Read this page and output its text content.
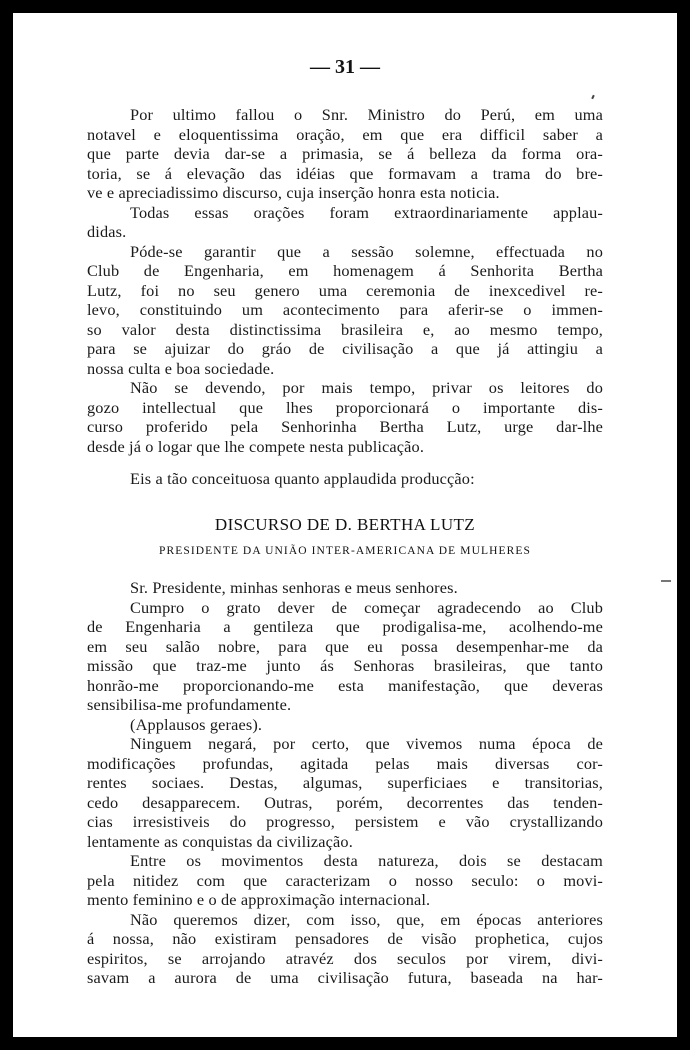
— 31 —
Por ultimo fallou o Snr. Ministro do Perú, em uma
notavel e eloquentissima oração, em que era difficil saber a
que parte devia dar-se a primasia, se á belleza da forma ora-
toria, se á elevação das idéias que formavam a trama do bre-
ve e apreciadissimo discurso, cuja inserção honra esta noticia.
Todas essas orações foram extraordinariamente applau-
didas.
Póde-se garantir que a sessão solemne, effectuada no
Club de Engenharia, em homenagem á Senhorita Bertha
Lutz, foi no seu genero uma ceremonia de inexcedivel re-
levo, constituindo um acontecimento para aferir-se o immen-
so valor desta distinctissima brasileira e, ao mesmo tempo,
para se ajuizar do gráo de civilisação a que já attingiu a
nossa culta e boa sociedade.
Não se devendo, por mais tempo, privar os leitores do
gozo intellectual que lhes proporcionará o importante dis-
curso proferido pela Senhorinha Bertha Lutz, urge dar-lhe
desde já o logar que lhe compete nesta publicação.
Eis a tão conceituosa quanto applaudida producção:
DISCURSO DE D. BERTHA LUTZ
PRESIDENTE DA UNIÃO INTER-AMERICANA DE MULHERES
Sr. Presidente, minhas senhoras e meus senhores.
Cumpro o grato dever de começar agradecendo ao Club
de Engenharia a gentileza que prodigalisa-me, acolhendo-me
em seu salão nobre, para que eu possa desempenhar-me da
missão que traz-me junto ás Senhoras brasileiras, que tanto
honrão-me proporcionando-me esta manifestação, que deveras
sensibilisa-me profundamente.
(Applausos geraes).
Ninguem negará, por certo, que vivemos numa época de
modificações profundas, agitada pelas mais diversas cor-
rentes sociaes. Destas, algumas, superficiaes e transitorias,
cedo desapparecem. Outras, porém, decorrentes das tenden-
cias irresistiveis do progresso, persistem e vão crystallizando
lentamente as conquistas da civilização.
Entre os movimentos desta natureza, dois se destacam
pela nitidez com que caracterizam o nosso seculo: o movi-
mento feminino e o de approximação internacional.
Não queremos dizer, com isso, que, em épocas anteriores
á nossa, não existiram pensadores de visão prophetica, cujos
espiritos, se arrojando atravéz dos seculos por virem, divi-
savam a aurora de uma civilisação futura, baseada na har-
